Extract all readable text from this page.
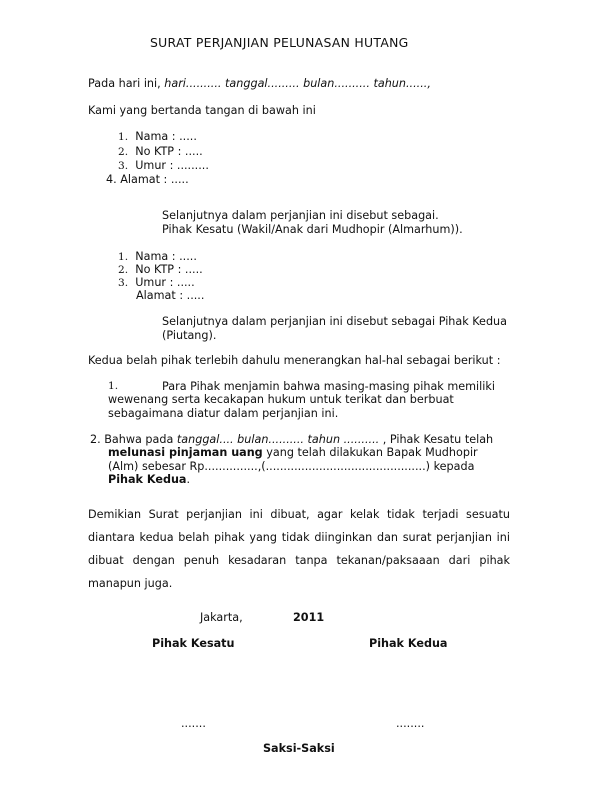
SURAT PERJANJIAN PELUNASAN HUTANG
Pada hari ini, hari.......... tanggal......... bulan.......... tahun......,
Kami yang bertanda tangan di bawah ini
1. Nama : .....
2. No KTP : .....
3. Umur : .........
4. Alamat : .....
Selanjutnya dalam perjanjian ini disebut sebagai.
Pihak Kesatu (Wakil/Anak dari Mudhopir (Almarhum)).
1. Nama : .....
2. No KTP : .....
3. Umur : .....
Alamat : .....
Selanjutnya dalam perjanjian ini disebut sebagai Pihak Kedua
(Piutang).
Kedua belah pihak terlebih dahulu menerangkan hal-hal sebagai berikut :
1.	Para Pihak menjamin bahwa masing-masing pihak memiliki
wewenang serta kecakapan hukum untuk terikat dan berbuat
sebagaimana diatur dalam perjanjian ini.
2. Bahwa pada tanggal.... bulan.......... tahun .......... , Pihak Kesatu telah
melunasi pinjaman uang yang telah dilakukan Bapak Mudhopir
(Alm) sebesar Rp...............,(.............................................) kepada
Pihak Kedua.
Demikian Surat perjanjian ini dibuat, agar kelak tidak terjadi sesuatu diantara kedua belah pihak yang tidak diinginkan dan surat perjanjian ini dibuat dengan penuh kesadaran tanpa tekanan/paksaaan dari pihak manapun juga.
Jakarta,	2011
Pihak Kesatu	Pihak Kedua
.......	........
Saksi-Saksi
